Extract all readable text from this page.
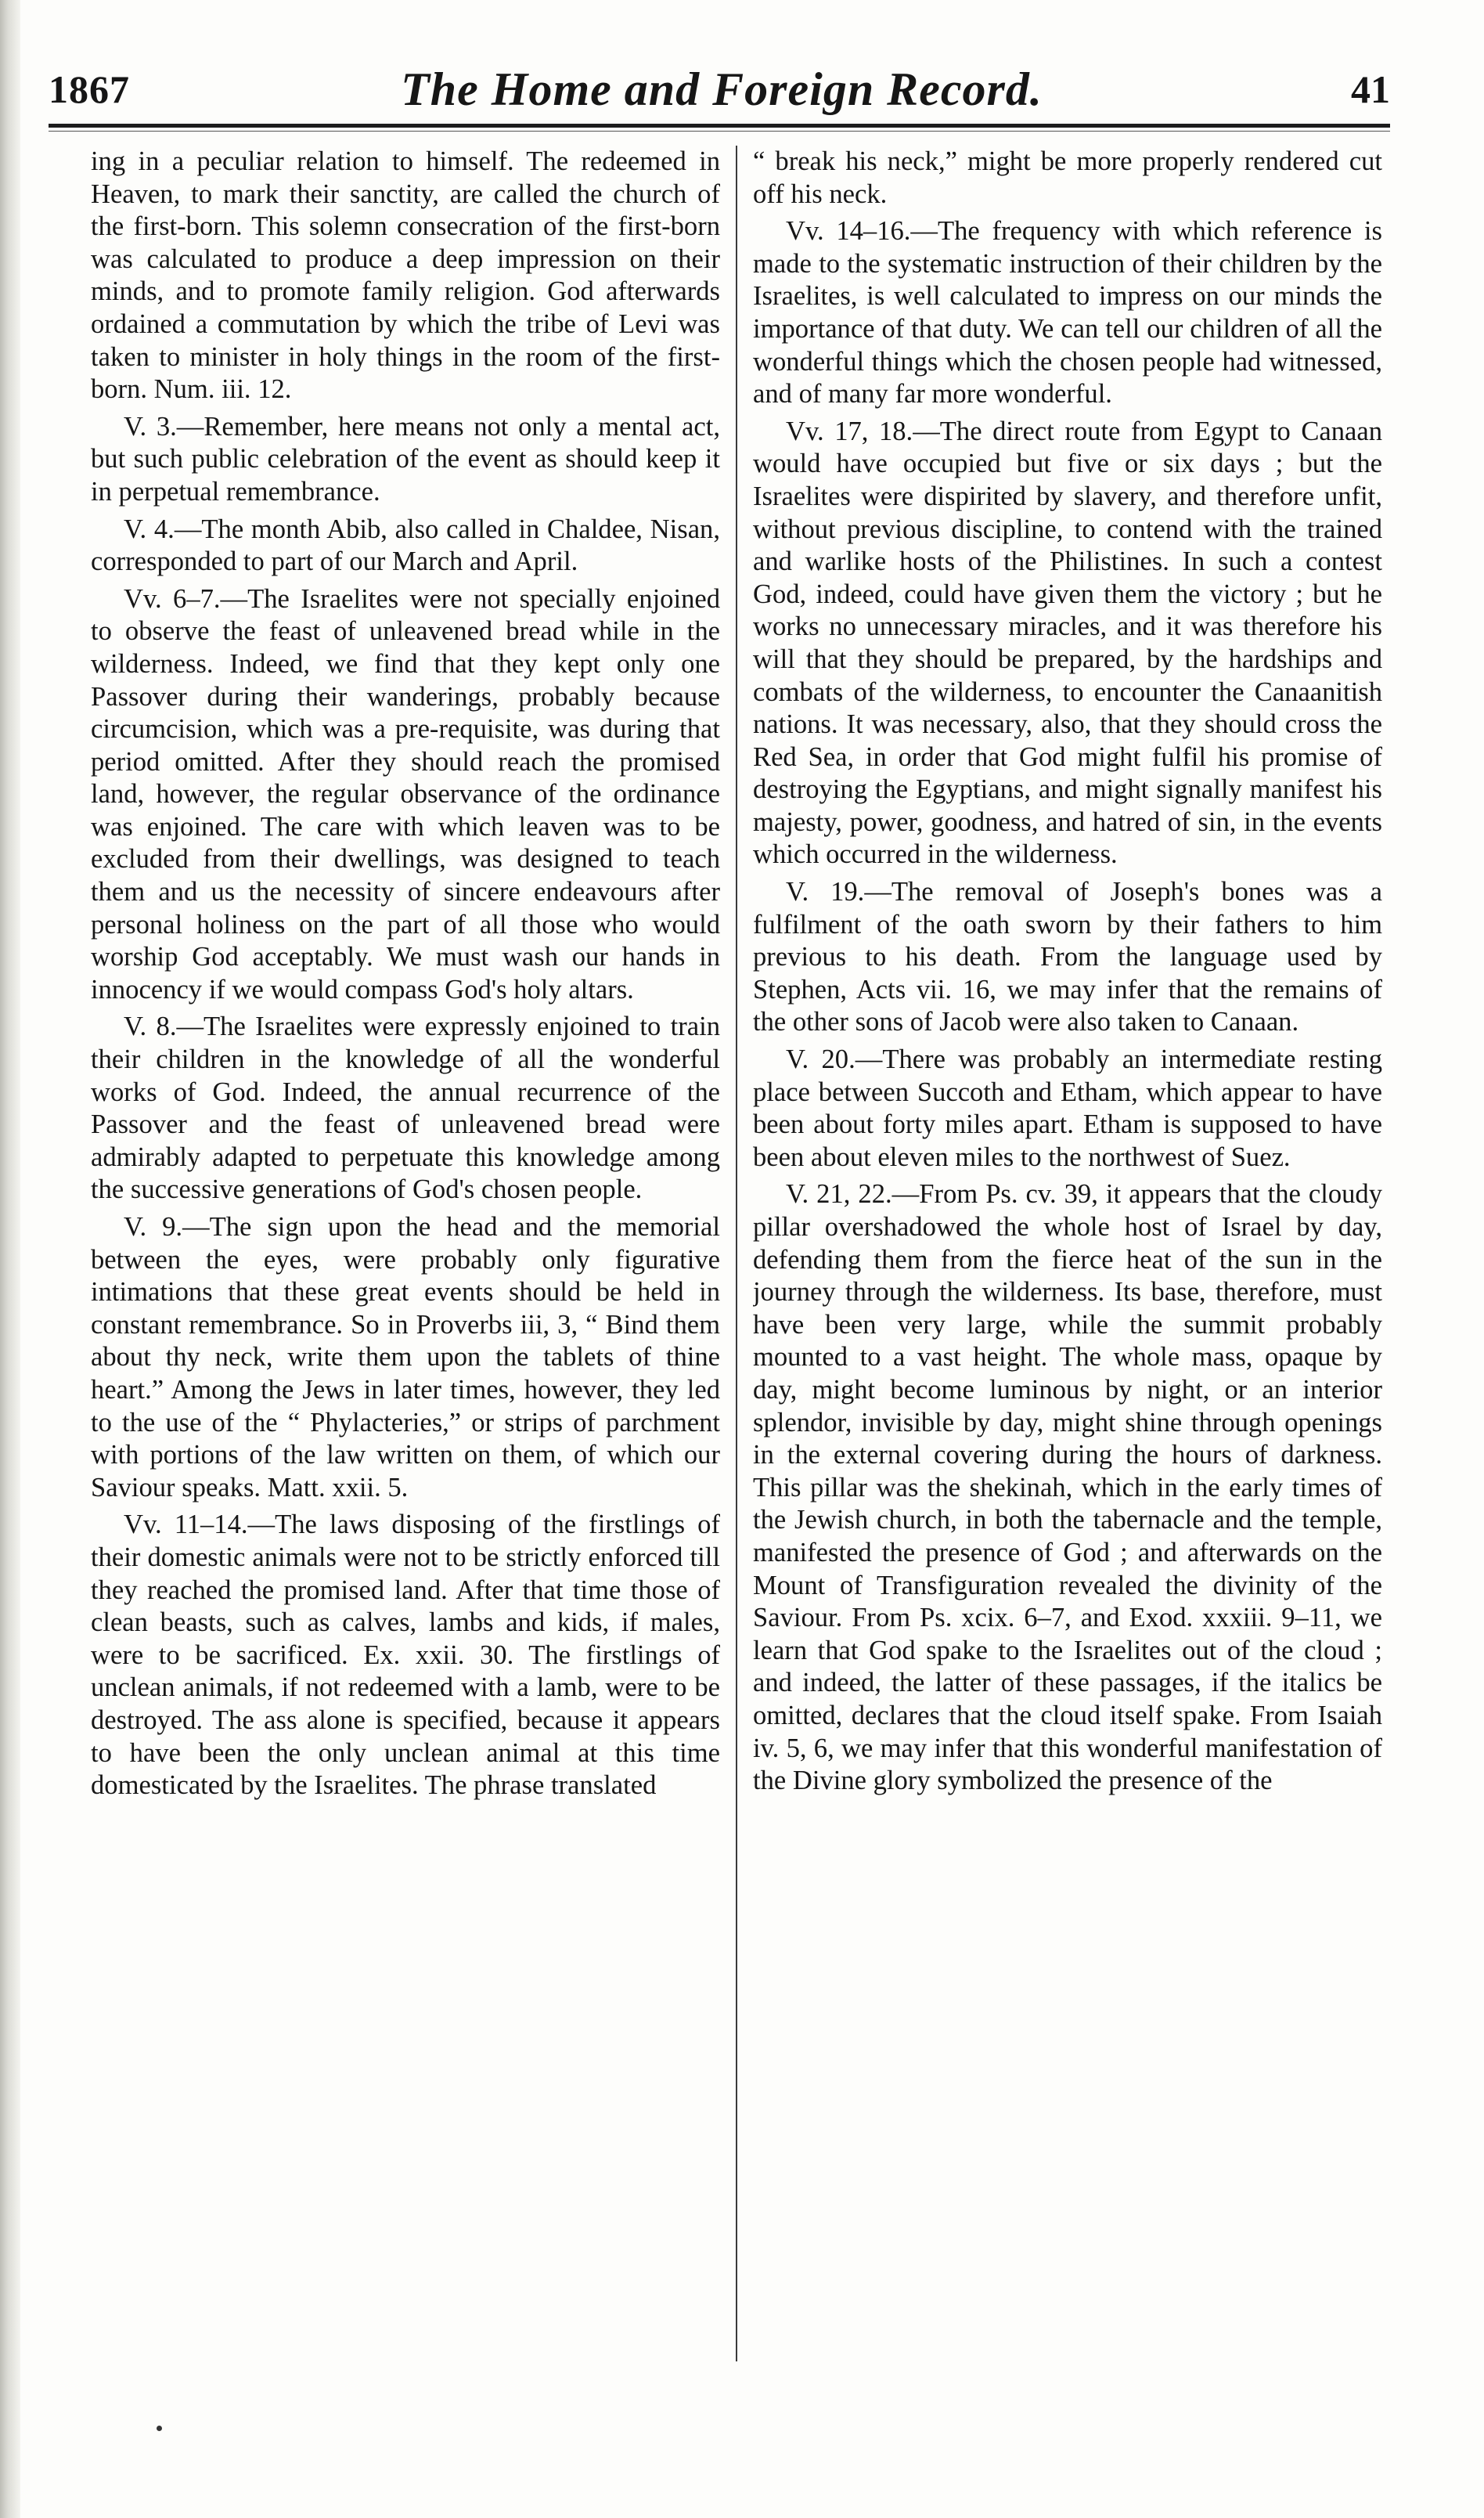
1867	The Home and Foreign Record.	41

ing in a peculiar relation to himself. The redeemed in Heaven, to mark their sanctity, are called the church of the first-born. This solemn consecration of the first-born was calculated to produce a deep impression on their minds, and to promote family religion. God afterwards ordained a commutation by which the tribe of Levi was taken to minister in holy things in the room of the first-born. Num. iii. 12.

V. 3.—Remember, here means not only a mental act, but such public celebration of the event as should keep it in perpetual remembrance.

V. 4.—The month Abib, also called in Chaldee, Nisan, corresponded to part of our March and April.

Vv. 6–7.—The Israelites were not specially enjoined to observe the feast of unleavened bread while in the wilderness. Indeed, we find that they kept only one Passover during their wanderings, probably because circumcision, which was a pre-requisite, was during that period omitted. After they should reach the promised land, however, the regular observance of the ordinance was enjoined. The care with which leaven was to be excluded from their dwellings, was designed to teach them and us the necessity of sincere endeavours after personal holiness on the part of all those who would worship God acceptably. We must wash our hands in innocency if we would compass God's holy altars.

V. 8.—The Israelites were expressly enjoined to train their children in the knowledge of all the wonderful works of God. Indeed, the annual recurrence of the Passover and the feast of unleavened bread were admirably adapted to perpetuate this knowledge among the successive generations of God's chosen people.

V. 9.—The sign upon the head and the memorial between the eyes, were probably only figurative intimations that these great events should be held in constant remembrance. So in Proverbs iii, 3, “ Bind them about thy neck, write them upon the tablets of thine heart.” Among the Jews in later times, however, they led to the use of the “ Phylacteries,” or strips of parchment with portions of the law written on them, of which our Saviour speaks. Matt. xxii. 5.

Vv. 11–14.—The laws disposing of the firstlings of their domestic animals were not to be strictly enforced till they reached the promised land. After that time those of clean beasts, such as calves, lambs and kids, if males, were to be sacrificed. Ex. xxii. 30. The firstlings of unclean animals, if not redeemed with a lamb, were to be destroyed. The ass alone is specified, because it appears to have been the only unclean animal at this time domesticated by the Israelites. The phrase translated

“ break his neck,” might be more properly rendered cut off his neck.

Vv. 14–16.—The frequency with which reference is made to the systematic instruction of their children by the Israelites, is well calculated to impress on our minds the importance of that duty. We can tell our children of all the wonderful things which the chosen people had witnessed, and of many far more wonderful.

Vv. 17, 18.—The direct route from Egypt to Canaan would have occupied but five or six days ; but the Israelites were dispirited by slavery, and therefore unfit, without previous discipline, to contend with the trained and warlike hosts of the Philistines. In such a contest God, indeed, could have given them the victory ; but he works no unnecessary miracles, and it was therefore his will that they should be prepared, by the hardships and combats of the wilderness, to encounter the Canaanitish nations. It was necessary, also, that they should cross the Red Sea, in order that God might fulfil his promise of destroying the Egyptians, and might signally manifest his majesty, power, goodness, and hatred of sin, in the events which occurred in the wilderness.

V. 19.—The removal of Joseph's bones was a fulfilment of the oath sworn by their fathers to him previous to his death. From the language used by Stephen, Acts vii. 16, we may infer that the remains of the other sons of Jacob were also taken to Canaan.

V. 20.—There was probably an intermediate resting place between Succoth and Etham, which appear to have been about forty miles apart. Etham is supposed to have been about eleven miles to the northwest of Suez.

V. 21, 22.—From Ps. cv. 39, it appears that the cloudy pillar overshadowed the whole host of Israel by day, defending them from the fierce heat of the sun in the journey through the wilderness. Its base, therefore, must have been very large, while the summit probably mounted to a vast height. The whole mass, opaque by day, might become luminous by night, or an interior splendor, invisible by day, might shine through openings in the external covering during the hours of darkness. This pillar was the shekinah, which in the early times of the Jewish church, in both the tabernacle and the temple, manifested the presence of God ; and afterwards on the Mount of Transfiguration revealed the divinity of the Saviour. From Ps. xcix. 6–7, and Exod. xxxiii. 9–11, we learn that God spake to the Israelites out of the cloud ; and indeed, the latter of these passages, if the italics be omitted, declares that the cloud itself spake. From Isaiah iv. 5, 6, we may infer that this wonderful manifestation of the Divine glory symbolized the presence of the
